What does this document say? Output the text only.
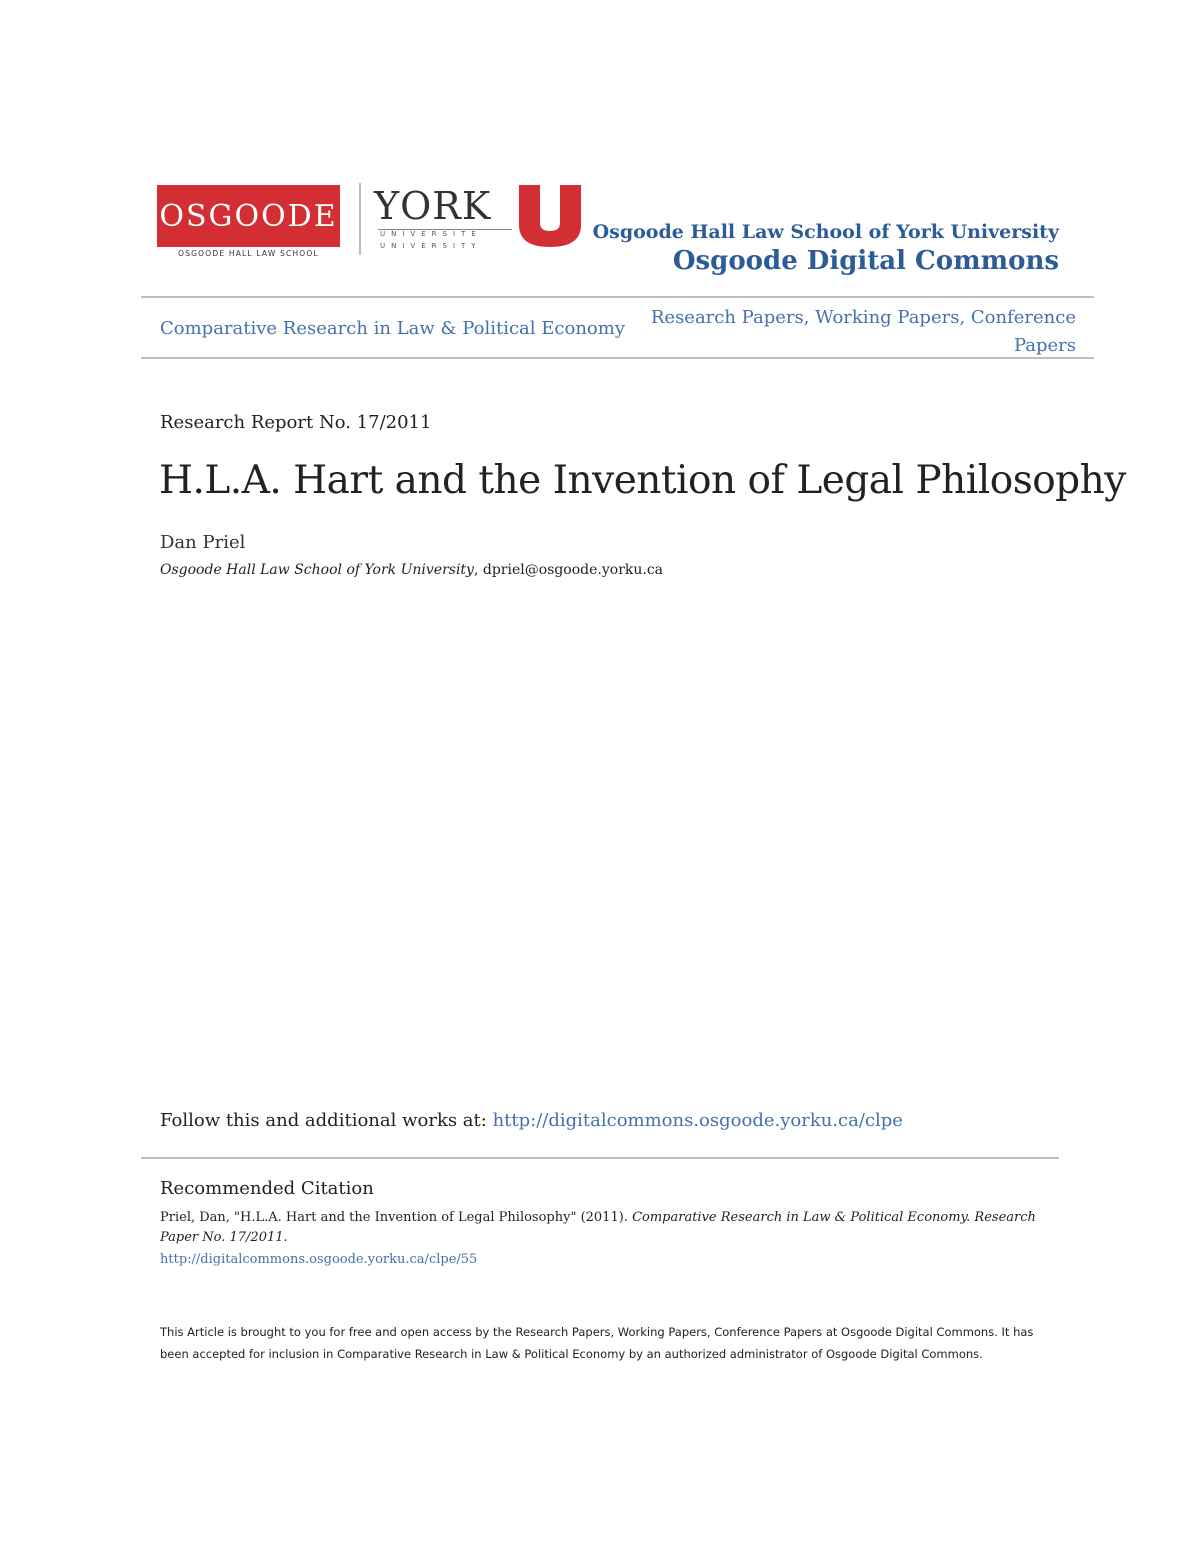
OSGOODE
OSGOODE HALL LAW SCHOOL
YORK
UNIVERSITÉ
UNIVERSITY
Osgoode Hall Law School of York University
Osgoode Digital Commons
Comparative Research in Law & Political Economy
Research Papers, Working Papers, Conference Papers
Research Report No. 17/2011
H.L.A. Hart and the Invention of Legal Philosophy
Dan Priel
Osgoode Hall Law School of York University, dpriel@osgoode.yorku.ca
Follow this and additional works at: http://digitalcommons.osgoode.yorku.ca/clpe
Recommended Citation
Priel, Dan, "H.L.A. Hart and the Invention of Legal Philosophy" (2011). Comparative Research in Law & Political Economy. Research Paper No. 17/2011.
http://digitalcommons.osgoode.yorku.ca/clpe/55
This Article is brought to you for free and open access by the Research Papers, Working Papers, Conference Papers at Osgoode Digital Commons. It has been accepted for inclusion in Comparative Research in Law & Political Economy by an authorized administrator of Osgoode Digital Commons.
